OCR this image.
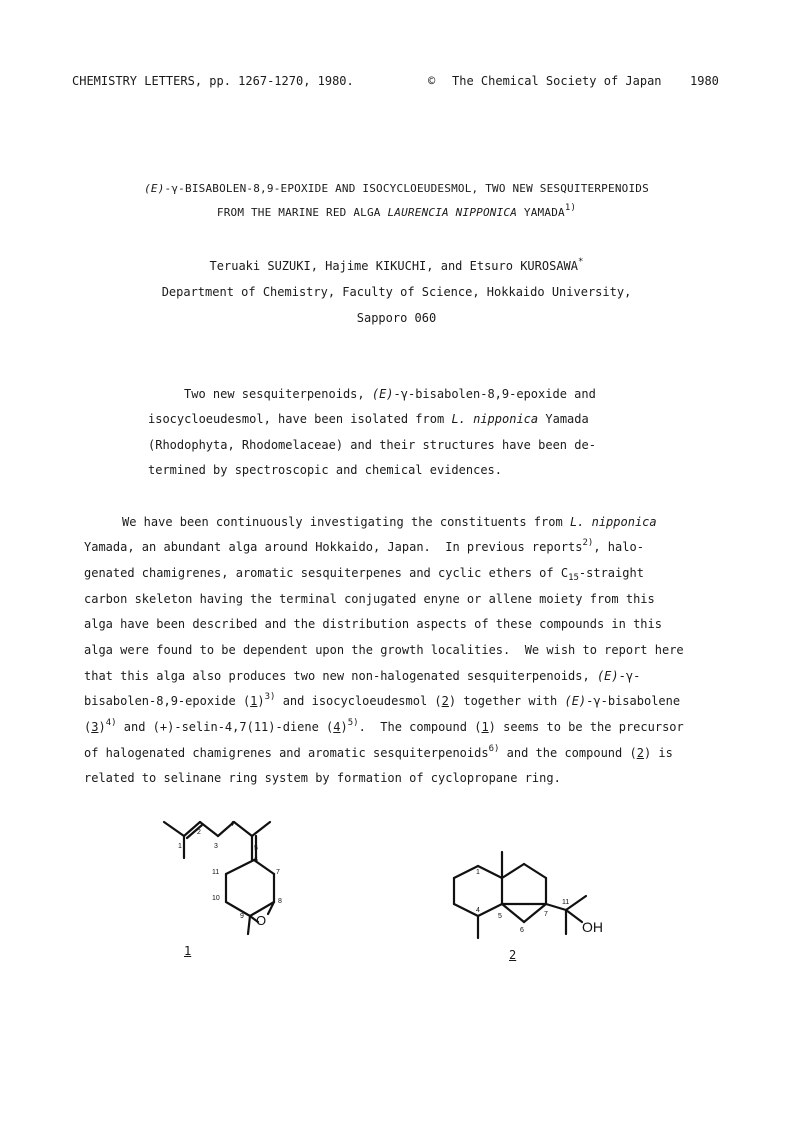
CHEMISTRY LETTERS, pp. 1267-1270, 1980.	© The Chemical Society of Japan 1980
(E)-γ-BISABOLEN-8,9-EPOXIDE AND ISOCYCLOEUDESMOL, TWO NEW SESQUITERPENOIDS
FROM THE MARINE RED ALGA LAURENCIA NIPPONICA YAMADA$^{1)}$
Teruaki SUZUKI, Hajime KIKUCHI, and Etsuro KUROSAWA*
Department of Chemistry, Faculty of Science, Hokkaido University,
Sapporo 060
Two new sesquiterpenoids, (E)-γ-bisabolen-8,9-epoxide and
isocycloeudesmol, have been isolated from L. nipponica Yamada
(Rhodophyta, Rhodomelaceae) and their structures have been de-
termined by spectroscopic and chemical evidences.
We have been continuously investigating the constituents from L. nipponica
Yamada, an abundant alga around Hokkaido, Japan.  In previous reports$^{2)}$, halo-
genated chamigrenes, aromatic sesquiterpenes and cyclic ethers of $C_{15}$-straight
carbon skeleton having the terminal conjugated enyne or allene moiety from this
alga have been described and the distribution aspects of these compounds in this
alga were found to be dependent upon the growth localities.  We wish to report here
that this alga also produces two new non-halogenated sesquiterpenoids, (E)-γ-
bisabolen-8,9-epoxide $(1)^{3)}$ and isocycloeudesmol (2) together with (E)-γ-bisabolene
$(3)^{4)}$ and (+)-selin-4,7(11)-diene $(4)^{5)}$.  The compound (1) seems to be the precursor
of halogenated chamigrenes and aromatic sesquiterpenoids$^{6)}$ and the compound (2) is
related to selinane ring system by formation of cyclopropane ring.
1
2
3
4
5
6
7
8
9
10
11
O
1
1
4
5
6
7
11
OH
2
